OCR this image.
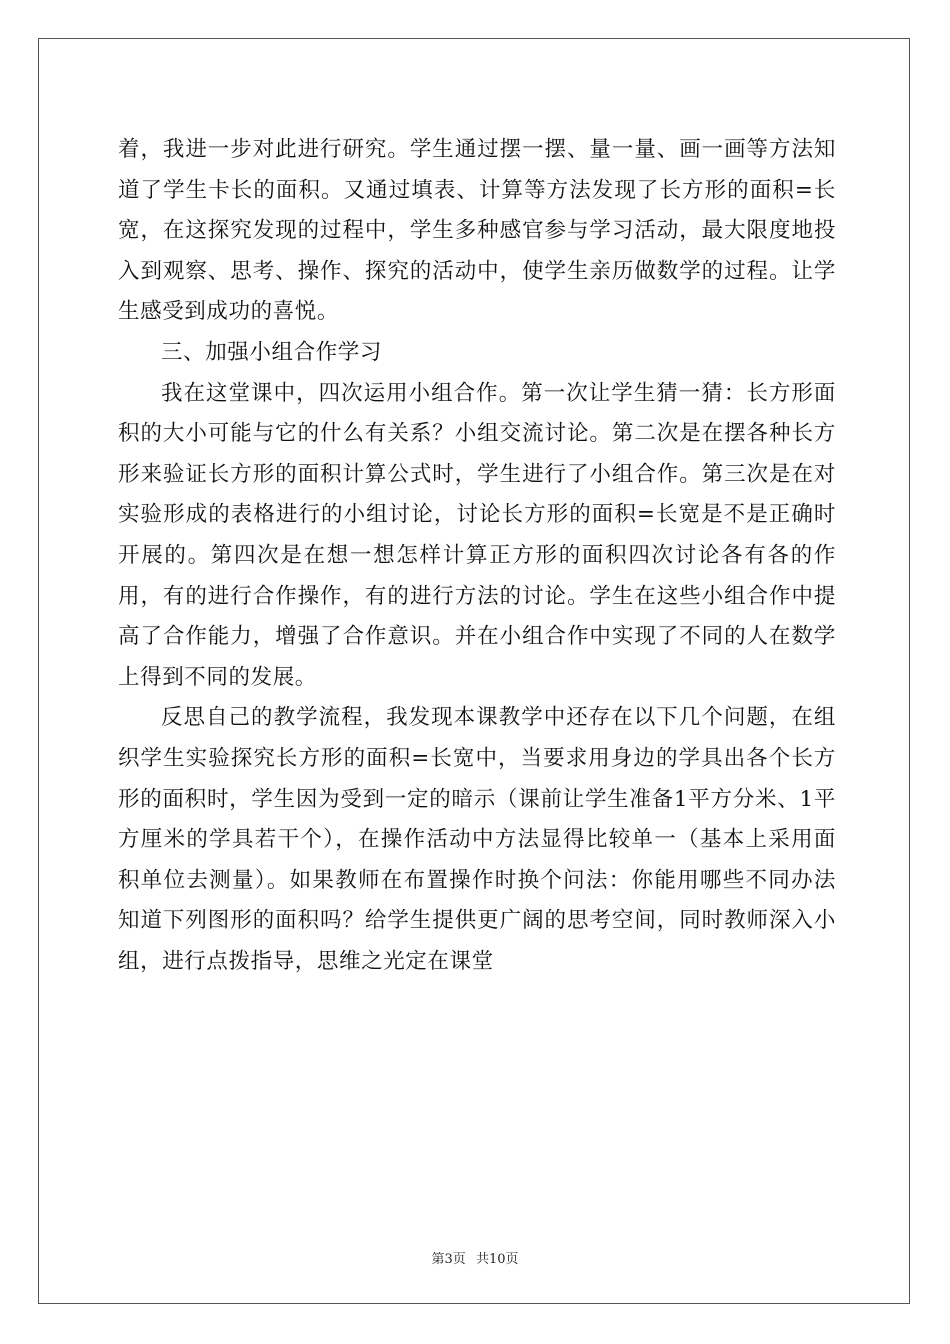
着，我进一步对此进行研究。学生通过摆一摆、量一量、画一画等方法知道了学生卡长的面积。又通过填表、计算等方法发现了长方形的面积=长宽，在这探究发现的过程中，学生多种感官参与学习活动，最大限度地投入到观察、思考、操作、探究的活动中，使学生亲历做数学的过程。让学生感受到成功的喜悦。

三、加强小组合作学习

我在这堂课中，四次运用小组合作。第一次让学生猜一猜：长方形面积的大小可能与它的什么有关系？小组交流讨论。第二次是在摆各种长方形来验证长方形的面积计算公式时，学生进行了小组合作。第三次是在对实验形成的表格进行的小组讨论，讨论长方形的面积=长宽是不是正确时开展的。第四次是在想一想怎样计算正方形的面积四次讨论各有各的作用，有的进行合作操作，有的进行方法的讨论。学生在这些小组合作中提高了合作能力，增强了合作意识。并在小组合作中实现了不同的人在数学上得到不同的发展。

反思自己的教学流程，我发现本课教学中还存在以下几个问题，在组织学生实验探究长方形的面积=长宽中，当要求用身边的学具出各个长方形的面积时，学生因为受到一定的暗示（课前让学生准备1平方分米、1平方厘米的学具若干个），在操作活动中方法显得比较单一（基本上采用面积单位去测量）。如果教师在布置操作时换个问法：你能用哪些不同办法知道下列图形的面积吗？给学生提供更广阔的思考空间，同时教师深入小组，进行点拨指导，思维之光定在课堂

第3页 共10页
